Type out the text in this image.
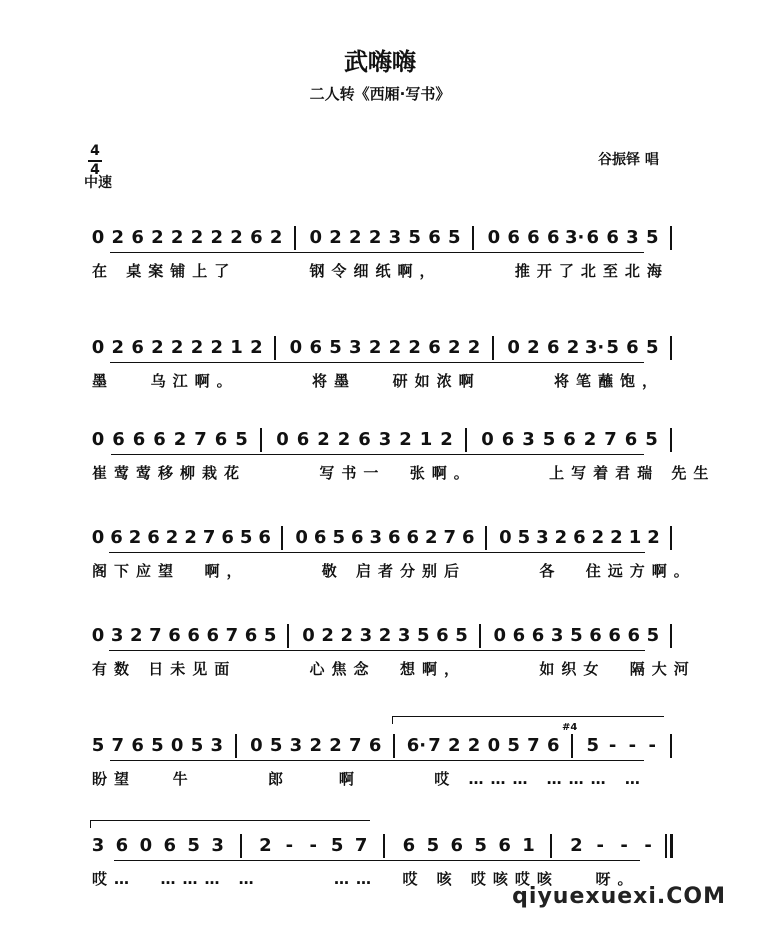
武嗨嗨
二人转《西厢·写书》
4
4
中速
谷振铎 唱
0 2 6 2 2 2 2 2 6 2 0 2 2 2 3 5 6 5 0 6 6 6 3· 6 6 3 5
在 桌案铺上了      钢令细纸啊，      推开了北至北海
0 2 6 2 2 2 2 1 2 0 6 5 3 2 2 2 6 2 2 0 2 6 2 3· 5 6 5
墨   乌江啊。      将墨   研如浓啊      将笔蘸饱，
0 6 6 6 2 7 6 5 0 6 2 2 6 3 2 1 2 0 6 3 5 6 2 7 6 5
崔莺莺移柳栽花      写书一  张啊。      上写着君瑞 先生
0 6 2 6 2 2 7 6 5 6 0 6 5 6 3 6 6 2 7 6 0 5 3 2 6 2 2 1 2
阁下应望  啊，      敬 启者分别后      各  住远方啊。
0 3 2 7 6 6 6 7 6 5 0 2 2 3 2 3 5 6 5 0 6 6 3 5 6 6 6 5
有数 日未见面      心焦念  想啊，      如织女  隔大河
5 7 6 5 0 5 3 0 5 3 2 2 7 6 6· 7 2 2 0 5 7 6 5 - - -
盼望   牛      郎    啊      哎 ……… ……… …
3 6 0 6 5 3 2 - - 5 7 6 5 6 5 6 1 2 - - -
哎…  ……… …      ……  哎 咳 哎咳哎咳   呀。
#4
qiyuexuexi.COM
